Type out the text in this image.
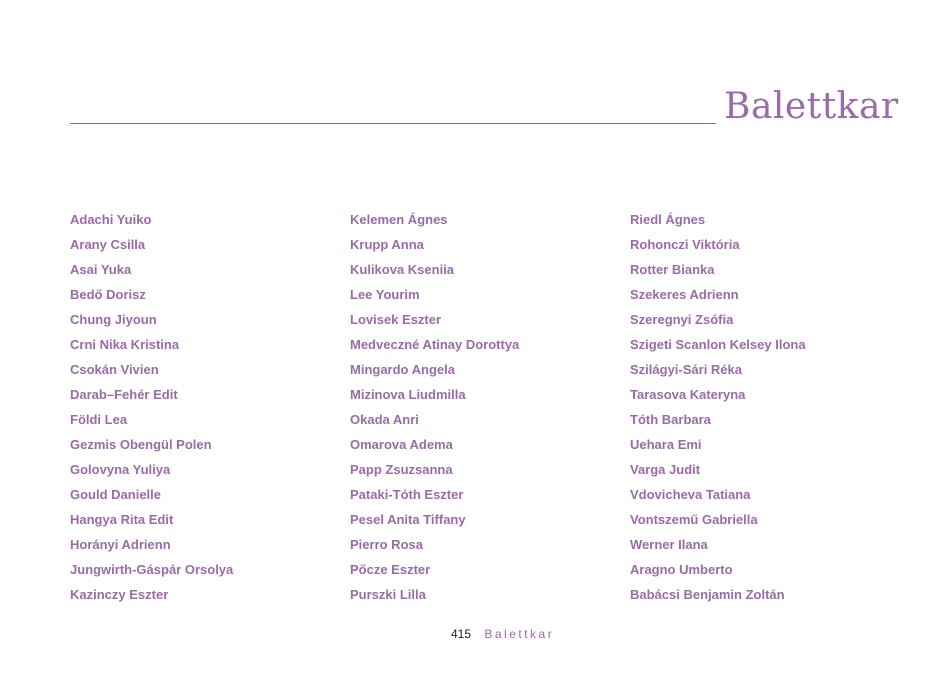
Balettkar
Adachi Yuiko
Arany Csilla
Asai Yuka
Bedő Dorisz
Chung Jiyoun
Crni Nika Kristina
Csokán Vivien
Darab–Fehér Edit
Földi Lea
Gezmis Obengül Polen
Golovyna Yuliya
Gould Danielle
Hangya Rita Edit
Horányi Adrienn
Jungwirth-Gáspár Orsolya
Kazinczy Eszter
Kelemen Ágnes
Krupp Anna
Kulikova Kseniia
Lee Yourim
Lovisek Eszter
Medveczné Atinay Dorottya
Mingardo Angela
Mizinova Liudmilla
Okada Anri
Omarova Adema
Papp Zsuzsanna
Pataki-Tóth Eszter
Pesel Anita Tiffany
Pierro Rosa
Pőcze Eszter
Purszki Lilla
Riedl Ágnes
Rohonczi Viktória
Rotter Bianka
Szekeres Adrienn
Szeregnyi Zsófia
Szigeti Scanlon Kelsey Ilona
Szilágyi-Sári Réka
Tarasova Kateryna
Tóth Barbara
Uehara Emi
Varga Judit
Vdovicheva Tatiana
Vontszemű Gabriella
Werner Ilana
Aragno Umberto
Babácsi Benjamin Zoltán
415 Balettkar
